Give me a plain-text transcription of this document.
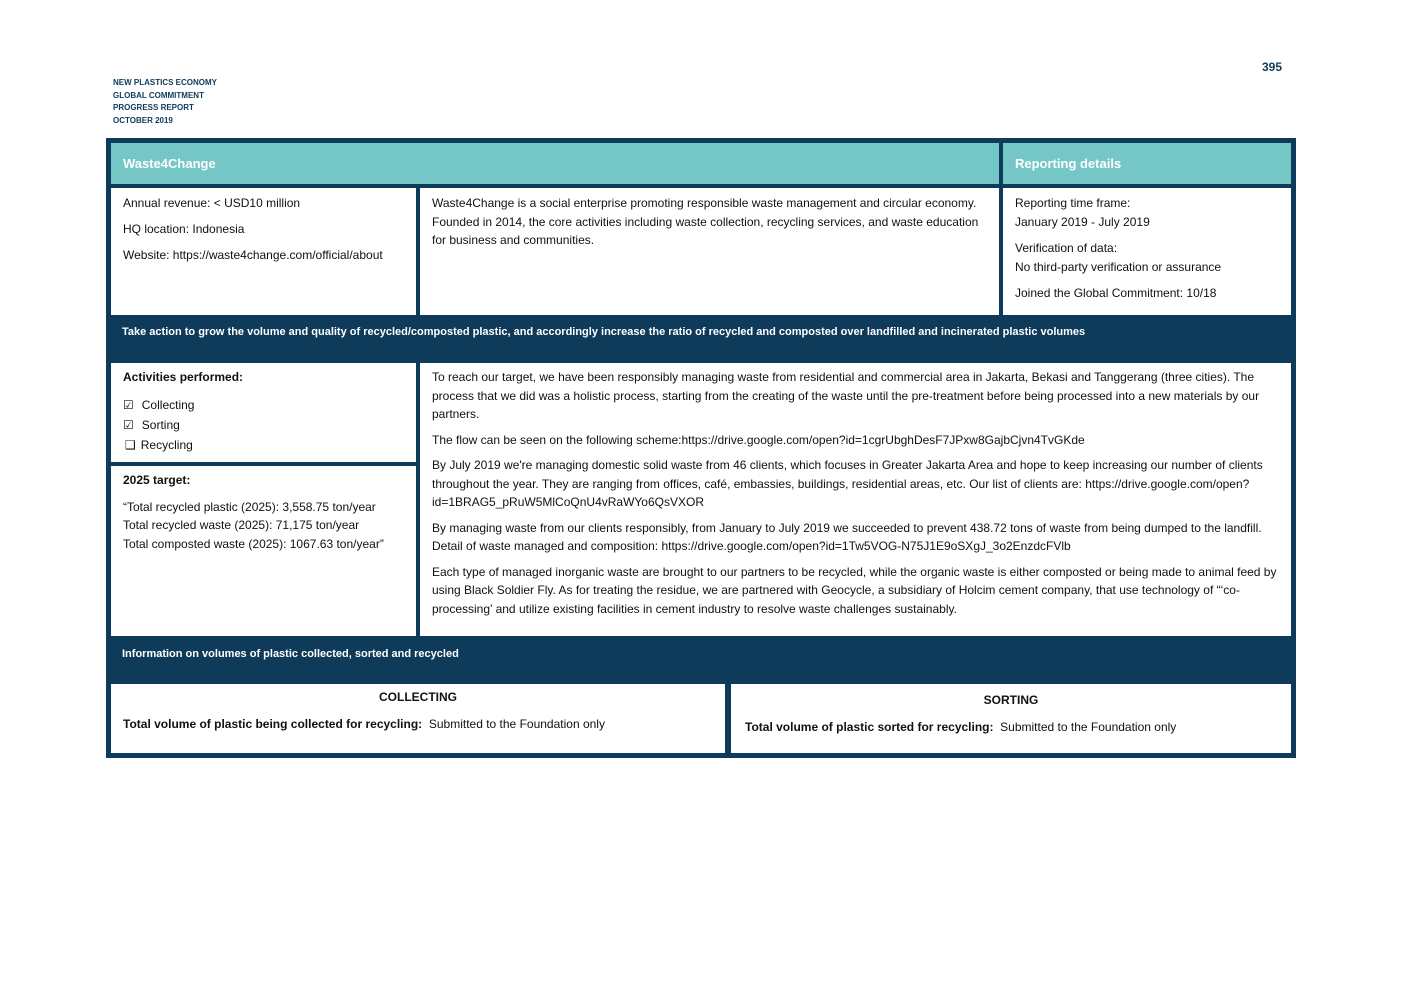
395
NEW PLASTICS ECONOMY
GLOBAL COMMITMENT
PROGRESS REPORT
OCTOBER 2019
Waste4Change	Reporting details

Annual revenue: < USD10 million

HQ location: Indonesia

Website: https://waste4change.com/official/about

Waste4Change is a social enterprise promoting responsible waste management and circular economy. Founded in 2014, the core activities including waste collection, recycling services, and waste education for business and communities.

Reporting time frame:

January 2019 - July 2019

Verification of data:

No third-party verification or assurance

Joined the Global Commitment: 10/18

Take action to grow the volume and quality of recycled/composted plastic, and accordingly increase the ratio of recycled and composted over landfilled and incinerated plastic volumes

Activities performed:

☑ Collecting
☑ Sorting
❑ Recycling

2025 target:

“Total recycled plastic (2025): 3,558.75 ton/year

Total recycled waste (2025): 71,175 ton/year

Total composted waste (2025): 1067.63 ton/year”

To reach our target, we have been responsibly managing waste from residential and commercial area in Jakarta, Bekasi and Tanggerang (three cities). The process that we did was a holistic process, starting from the creating of the waste until the pre-treatment before being processed into a new materials by our partners.

The flow can be seen on the following scheme:https://drive.google.com/open?id=1cgrUbghDesF7JPxw8GajbCjvn4TvGKde

By July 2019 we're managing domestic solid waste from 46 clients, which focuses in Greater Jakarta Area and hope to keep increasing our number of clients throughout the year. They are ranging from offices, café, embassies, buildings, residential areas, etc. Our list of clients are: https://drive.google.com/open?id=1BRAG5_pRuW5MlCoQnU4vRaWYo6QsVXOR

By managing waste from our clients responsibly, from January to July 2019 we succeeded to prevent 438.72 tons of waste from being dumped to the landfill. Detail of waste managed and composition: https://drive.google.com/open?id=1Tw5VOG-N75J1E9oSXgJ_3o2EnzdcFVlb

Each type of managed inorganic waste are brought to our partners to be recycled, while the organic waste is either composted or being made to animal feed by using Black Soldier Fly. As for treating the residue, we are partnered with Geocycle, a subsidiary of Holcim cement company, that use technology of “‘co-processing’ and utilize existing facilities in cement industry to resolve waste challenges sustainably.

Information on volumes of plastic collected, sorted and recycled
COLLECTING
Total volume of plastic being collected for recycling: Submitted to the Foundation only
SORTING
Total volume of plastic sorted for recycling: Submitted to the Foundation only
